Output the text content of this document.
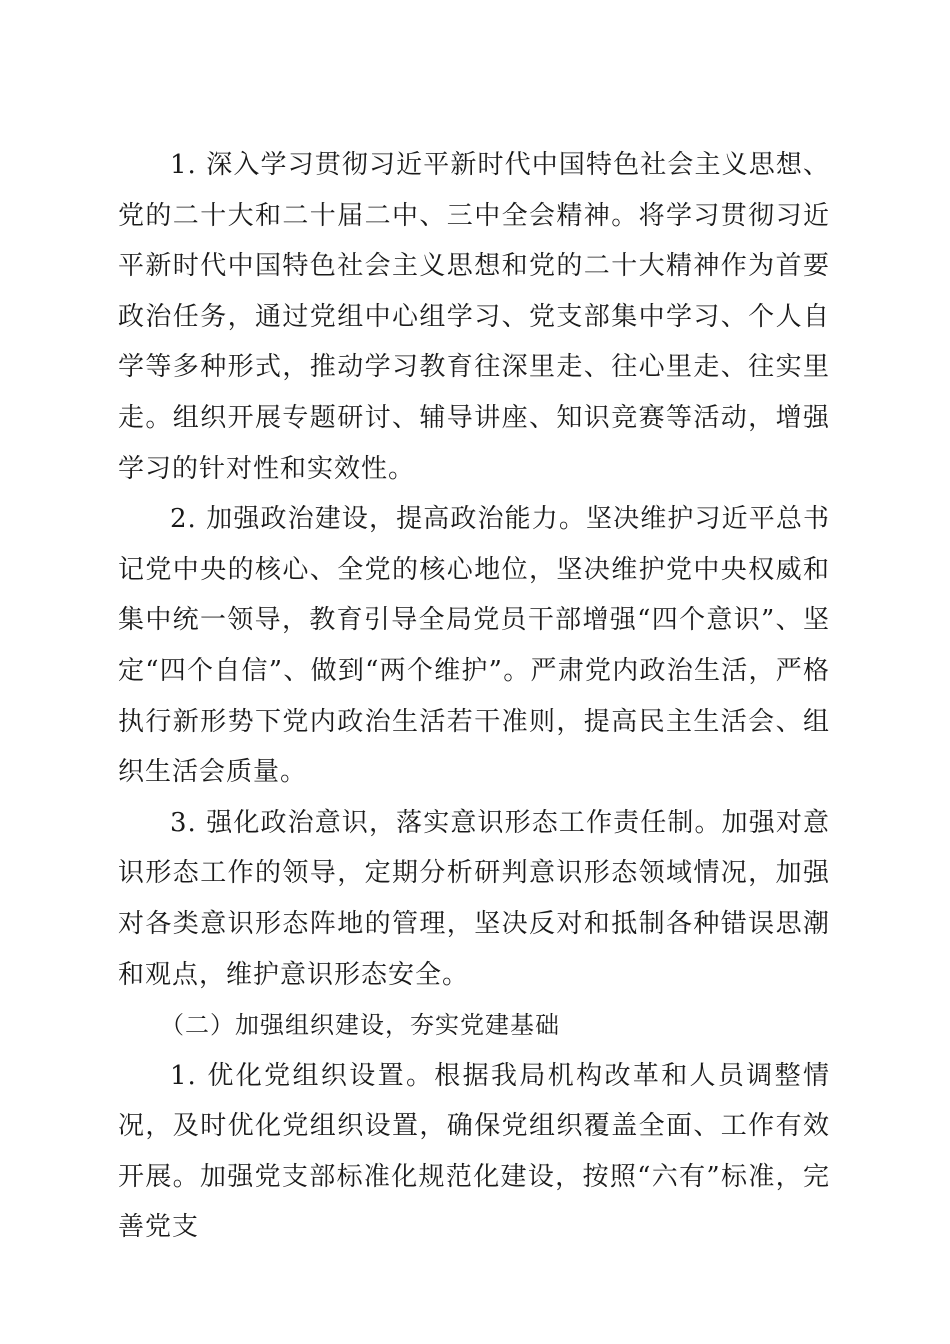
1. 深入学习贯彻习近平新时代中国特色社会主义思想、党的二十大和二十届二中、三中全会精神。将学习贯彻习近平新时代中国特色社会主义思想和党的二十大精神作为首要政治任务，通过党组中心组学习、党支部集中学习、个人自学等多种形式，推动学习教育往深里走、往心里走、往实里走。组织开展专题研讨、辅导讲座、知识竞赛等活动，增强学习的针对性和实效性。

2. 加强政治建设，提高政治能力。坚决维护习近平总书记党中央的核心、全党的核心地位，坚决维护党中央权威和集中统一领导，教育引导全局党员干部增强“四个意识”、坚定“四个自信”、做到“两个维护”。严肃党内政治生活，严格执行新形势下党内政治生活若干准则，提高民主生活会、组织生活会质量。

3. 强化政治意识，落实意识形态工作责任制。加强对意识形态工作的领导，定期分析研判意识形态领域情况，加强对各类意识形态阵地的管理，坚决反对和抵制各种错误思潮和观点，维护意识形态安全。

（二）加强组织建设，夯实党建基础

1. 优化党组织设置。根据我局机构改革和人员调整情况，及时优化党组织设置，确保党组织覆盖全面、工作有效开展。加强党支部标准化规范化建设，按照“六有”标准，完善党支
